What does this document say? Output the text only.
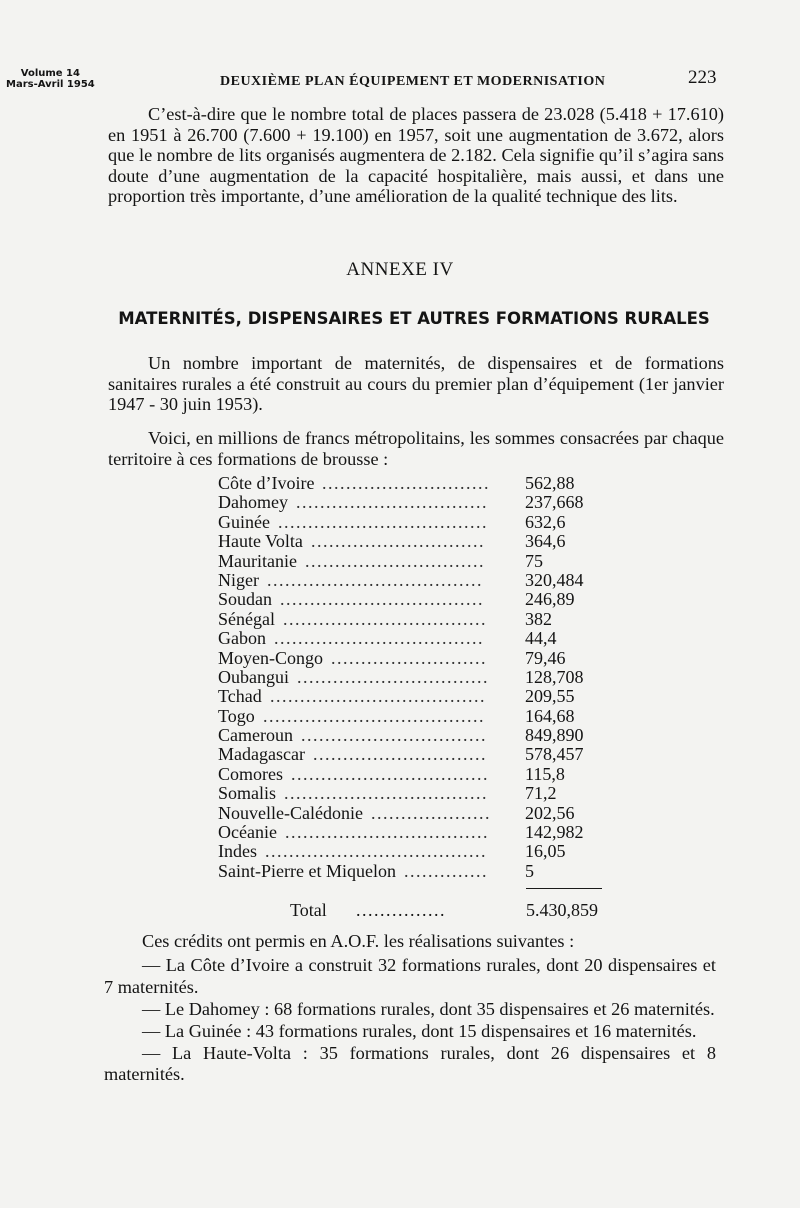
Volume 14
Mars-Avril 1954	DEUXIÈME PLAN ÉQUIPEMENT ET MODERNISATION	223
C’est-à-dire que le nombre total de places passera de 23.028 (5.418 + 17.610) en 1951 à 26.700 (7.600 + 19.100) en 1957, soit une augmentation de 3.672, alors que le nombre de lits organisés augmentera de 2.182. Cela signifie qu’il s’agira sans doute d’une augmentation de la capacité hospitalière, mais aussi, et dans une proportion très importante, d’une amélioration de la qualité technique des lits.
ANNEXE IV
MATERNITÉS, DISPENSAIRES ET AUTRES FORMATIONS RURALES
Un nombre important de maternités, de dispensaires et de formations sanitaires rurales a été construit au cours du premier plan d’équipement (1er janvier 1947 - 30 juin 1953).
Voici, en millions de francs métropolitains, les sommes consacrées par chaque territoire à ces formations de brousse :
Côte d’Ivoire ............................	562,88
Dahomey ................................	237,668
Guinée ...................................	632,6
Haute Volta .............................	364,6
Mauritanie ..............................	75
Niger ....................................	320,484
Soudan ..................................	246,89
Sénégal ..................................	382
Gabon ...................................	44,4
Moyen-Congo ..........................	79,46
Oubangui ................................	128,708
Tchad ....................................	209,55
Togo .....................................	164,68
Cameroun ...............................	849,890
Madagascar .............................	578,457
Comores .................................	115,8
Somalis ..................................	71,2
Nouvelle-Calédonie .................... 202,56
Océanie ..................................	142,982
Indes .....................................	16,05
Saint-Pierre et Miquelon ..............	5
Total ...............	5.430,859

Ces crédits ont permis en A.O.F. les réalisations suivantes :

— La Côte d’Ivoire a construit 32 formations rurales, dont 20 dispensaires et 7 maternités.

— Le Dahomey : 68 formations rurales, dont 35 dispensaires et 26 maternités.

— La Guinée : 43 formations rurales, dont 15 dispensaires et 16 maternités.

— La Haute-Volta : 35 formations rurales, dont 26 dispensaires et 8 maternités.
